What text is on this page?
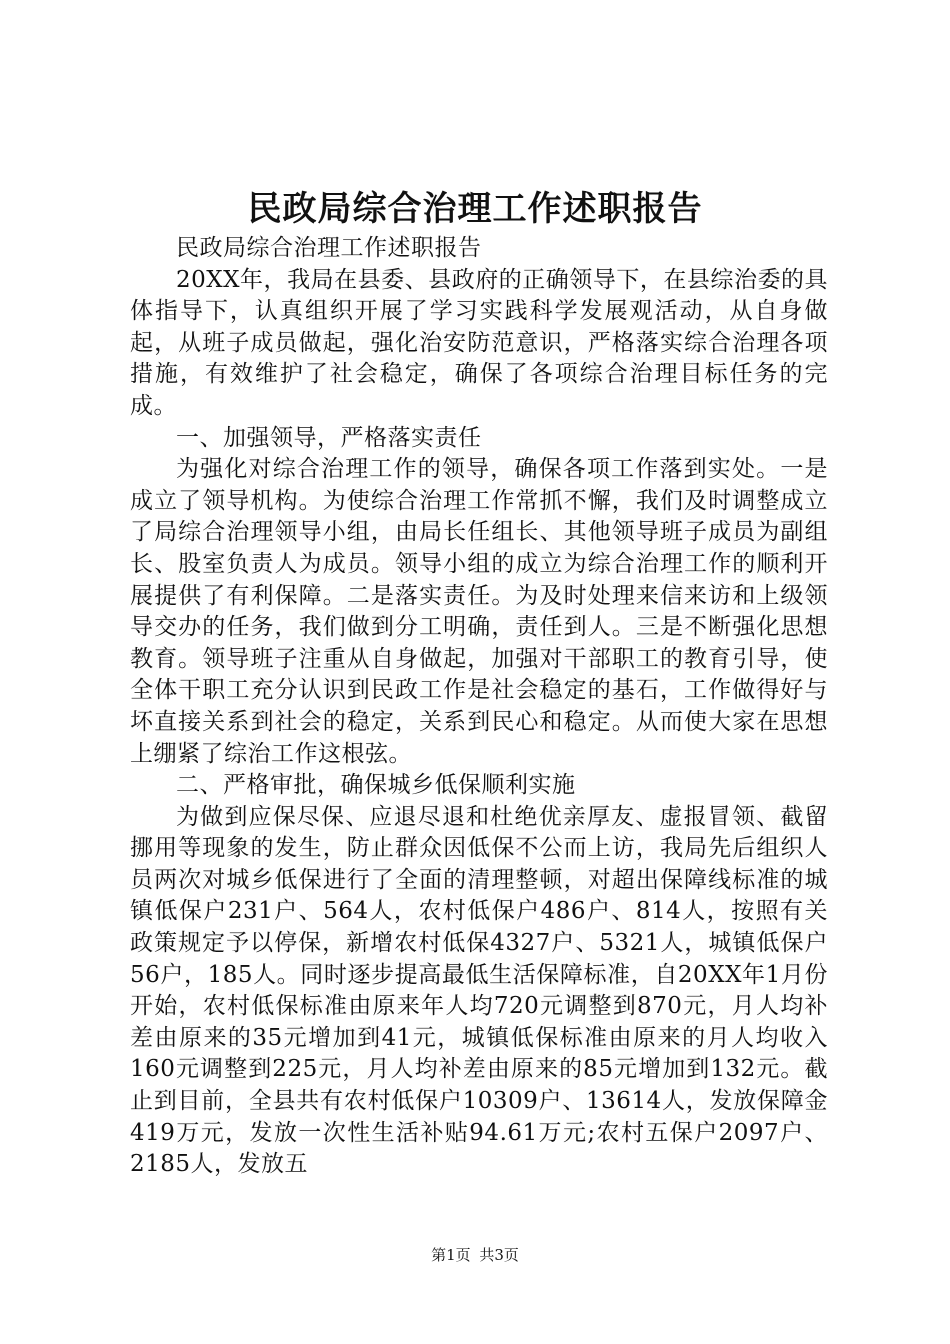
民政局综合治理工作述职报告

民政局综合治理工作述职报告

20XX年，我局在县委、县政府的正确领导下，在县综治委的具体指导下，认真组织开展了学习实践科学发展观活动，从自身做起，从班子成员做起，强化治安防范意识，严格落实综合治理各项措施，有效维护了社会稳定，确保了各项综合治理目标任务的完成。

一、加强领导，严格落实责任

为强化对综合治理工作的领导，确保各项工作落到实处。一是成立了领导机构。为使综合治理工作常抓不懈，我们及时调整成立了局综合治理领导小组，由局长任组长、其他领导班子成员为副组长、股室负责人为成员。领导小组的成立为综合治理工作的顺利开展提供了有利保障。二是落实责任。为及时处理来信来访和上级领导交办的任务，我们做到分工明确，责任到人。三是不断强化思想教育。领导班子注重从自身做起，加强对干部职工的教育引导，使全体干职工充分认识到民政工作是社会稳定的基石，工作做得好与坏直接关系到社会的稳定，关系到民心和稳定。从而使大家在思想上绷紧了综治工作这根弦。

二、严格审批，确保城乡低保顺利实施

为做到应保尽保、应退尽退和杜绝优亲厚友、虚报冒领、截留挪用等现象的发生，防止群众因低保不公而上访，我局先后组织人员两次对城乡低保进行了全面的清理整顿，对超出保障线标准的城镇低保户231户、564人，农村低保户486户、814人，按照有关政策规定予以停保，新增农村低保4327户、5321人，城镇低保户56户，185人。同时逐步提高最低生活保障标准，自20XX年1月份开始，农村低保标准由原来年人均720元调整到870元，月人均补差由原来的35元增加到41元，城镇低保标准由原来的月人均收入160元调整到225元，月人均补差由原来的85元增加到132元。截止到目前，全县共有农村低保户10309户、13614人，发放保障金419万元，发放一次性生活补贴94.61万元;农村五保户2097户、2185人，发放五

第1页 共3页
